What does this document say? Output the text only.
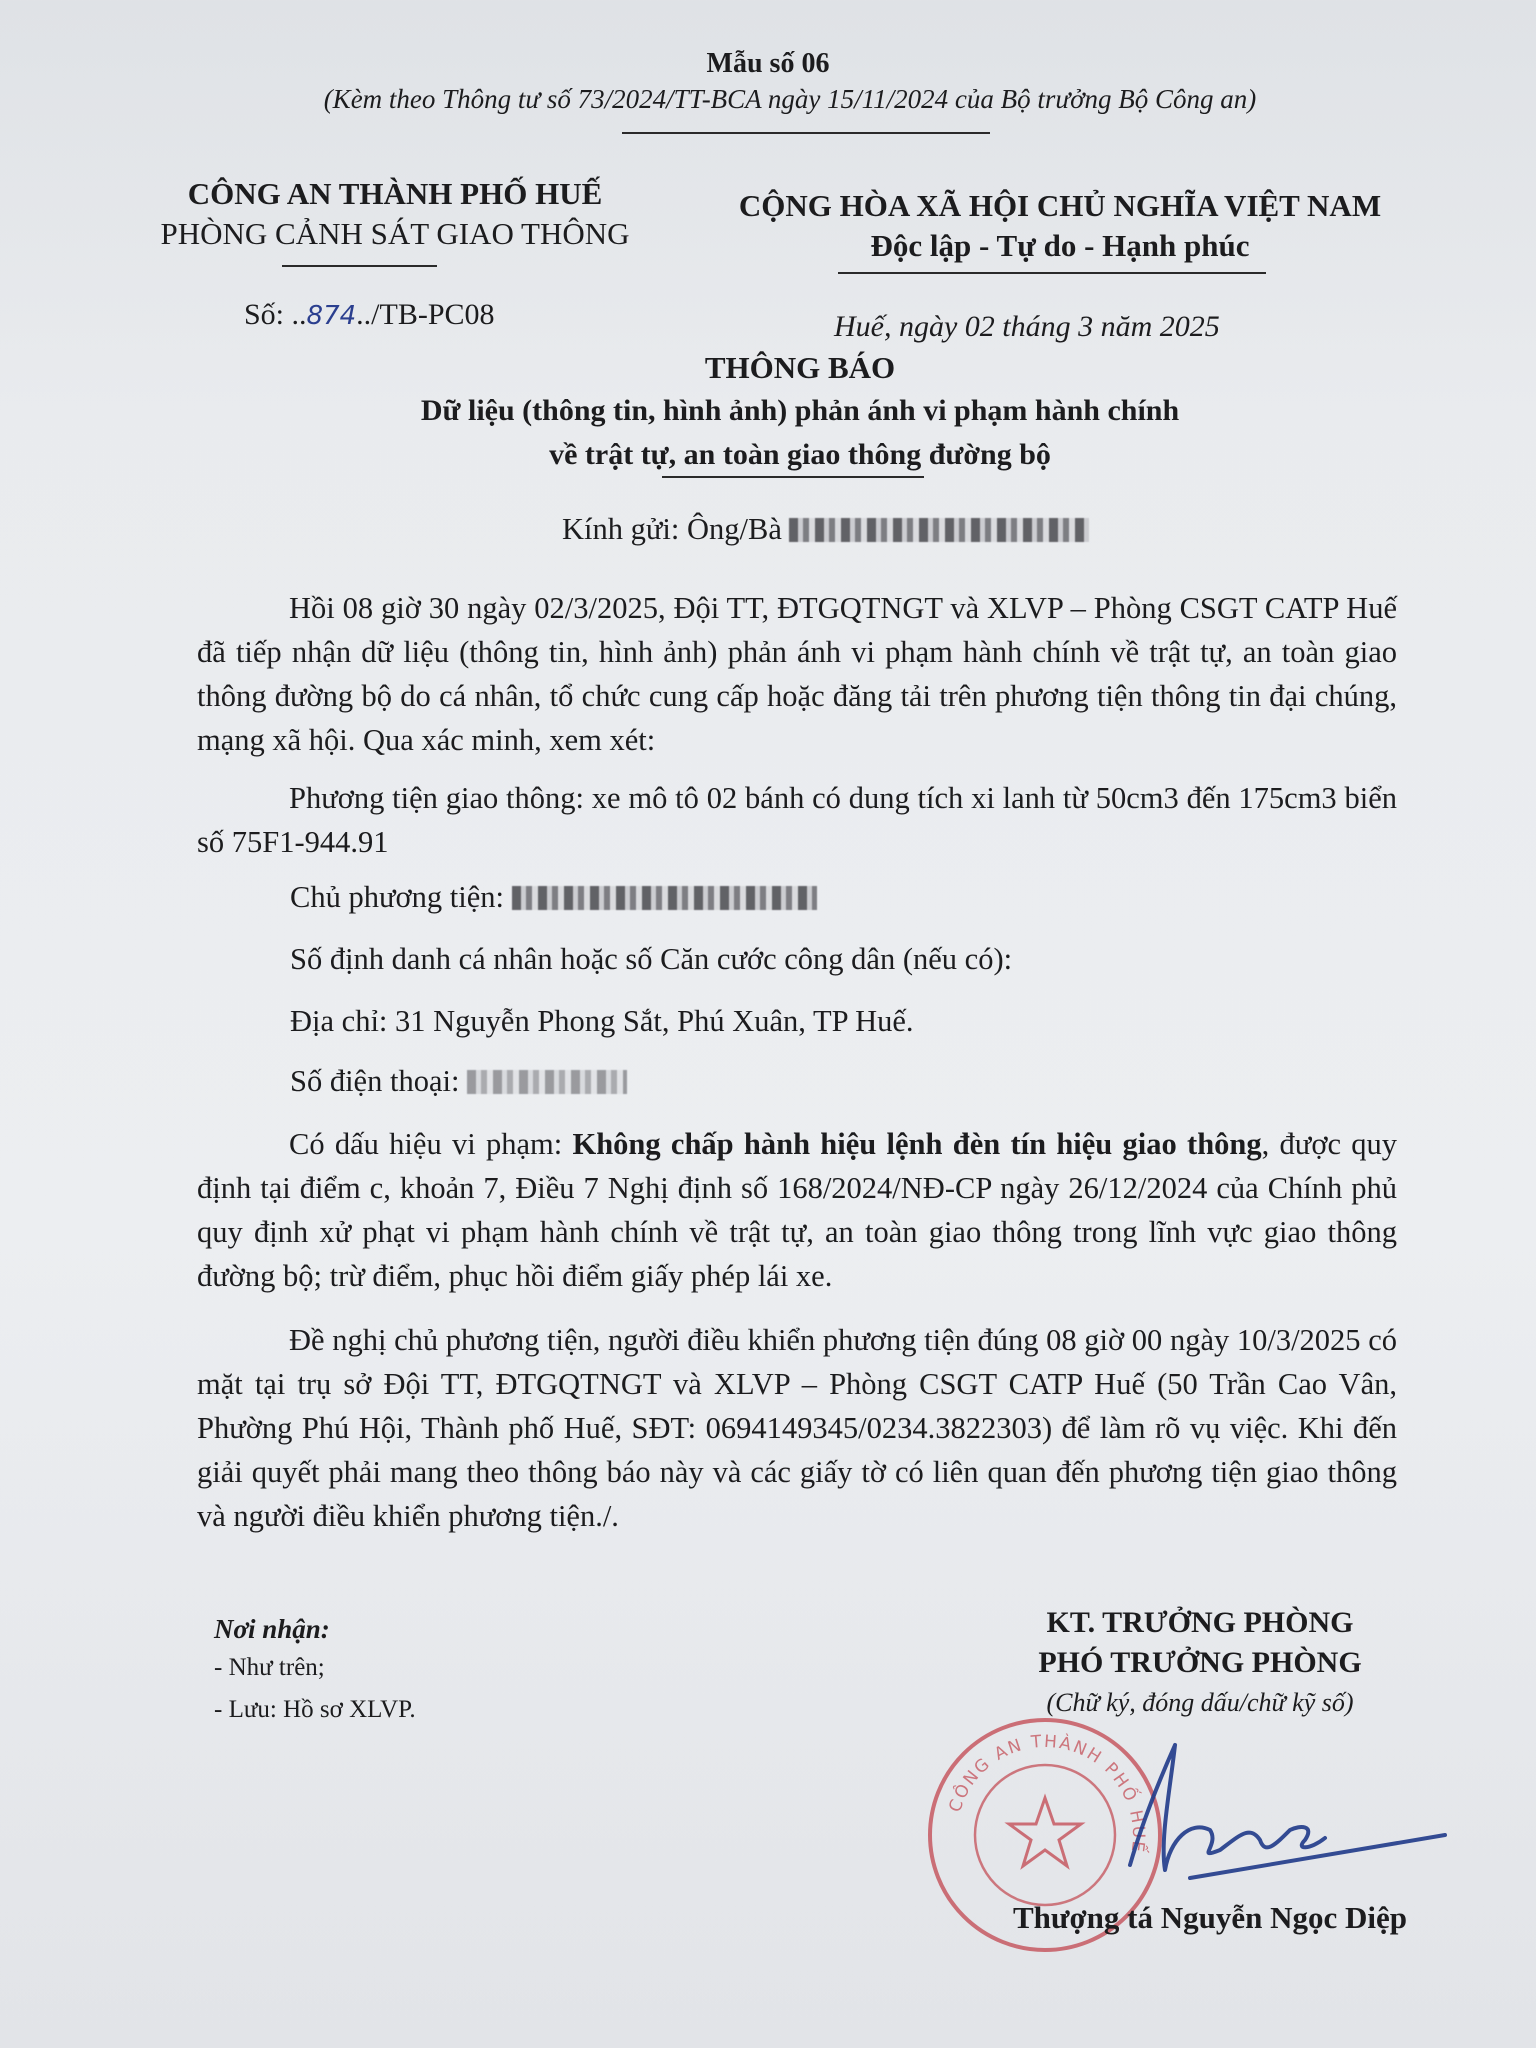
Mẫu số 06
(Kèm theo Thông tư số 73/2024/TT-BCA ngày 15/11/2024 của Bộ trưởng Bộ Công an)
CÔNG AN THÀNH PHỐ HUẾ
PHÒNG CẢNH SÁT GIAO THÔNG
Số: ..874../TB-PC08
CỘNG HÒA XÃ HỘI CHỦ NGHĨA VIỆT NAM
Độc lập - Tự do - Hạnh phúc
Huế, ngày 02 tháng 3 năm 2025
THÔNG BÁO
Dữ liệu (thông tin, hình ảnh) phản ánh vi phạm hành chính
về trật tự, an toàn giao thông đường bộ
Kính gửi: Ông/Bà
Hồi 08 giờ 30 ngày 02/3/2025, Đội TT, ĐTGQTNGT và XLVP – Phòng CSGT CATP Huế đã tiếp nhận dữ liệu (thông tin, hình ảnh) phản ánh vi phạm hành chính về trật tự, an toàn giao thông đường bộ do cá nhân, tổ chức cung cấp hoặc đăng tải trên phương tiện thông tin đại chúng, mạng xã hội. Qua xác minh, xem xét:
Phương tiện giao thông: xe mô tô 02 bánh có dung tích xi lanh từ 50cm3 đến 175cm3 biển số 75F1-944.91
Chủ phương tiện:
Số định danh cá nhân hoặc số Căn cước công dân (nếu có):
Địa chỉ: 31 Nguyễn Phong Sắt, Phú Xuân, TP Huế.
Số điện thoại:
Có dấu hiệu vi phạm: Không chấp hành hiệu lệnh đèn tín hiệu giao thông, được quy định tại điểm c, khoản 7, Điều 7 Nghị định số 168/2024/NĐ-CP ngày 26/12/2024 của Chính phủ quy định xử phạt vi phạm hành chính về trật tự, an toàn giao thông trong lĩnh vực giao thông đường bộ; trừ điểm, phục hồi điểm giấy phép lái xe.
Đề nghị chủ phương tiện, người điều khiển phương tiện đúng 08 giờ 00 ngày 10/3/2025 có mặt tại trụ sở Đội TT, ĐTGQTNGT và XLVP – Phòng CSGT CATP Huế (50 Trần Cao Vân, Phường Phú Hội, Thành phố Huế, SĐT: 0694149345/0234.3822303) để làm rõ vụ việc. Khi đến giải quyết phải mang theo thông báo này và các giấy tờ có liên quan đến phương tiện giao thông và người điều khiển phương tiện./.
Nơi nhận:
- Như trên;
- Lưu: Hồ sơ XLVP.
KT. TRƯỞNG PHÒNG
PHÓ TRƯỞNG PHÒNG
(Chữ ký, đóng dấu/chữ kỹ số)
CÔNG AN THÀNH PHỐ HUẾ
Thượng tá Nguyễn Ngọc Diệp
